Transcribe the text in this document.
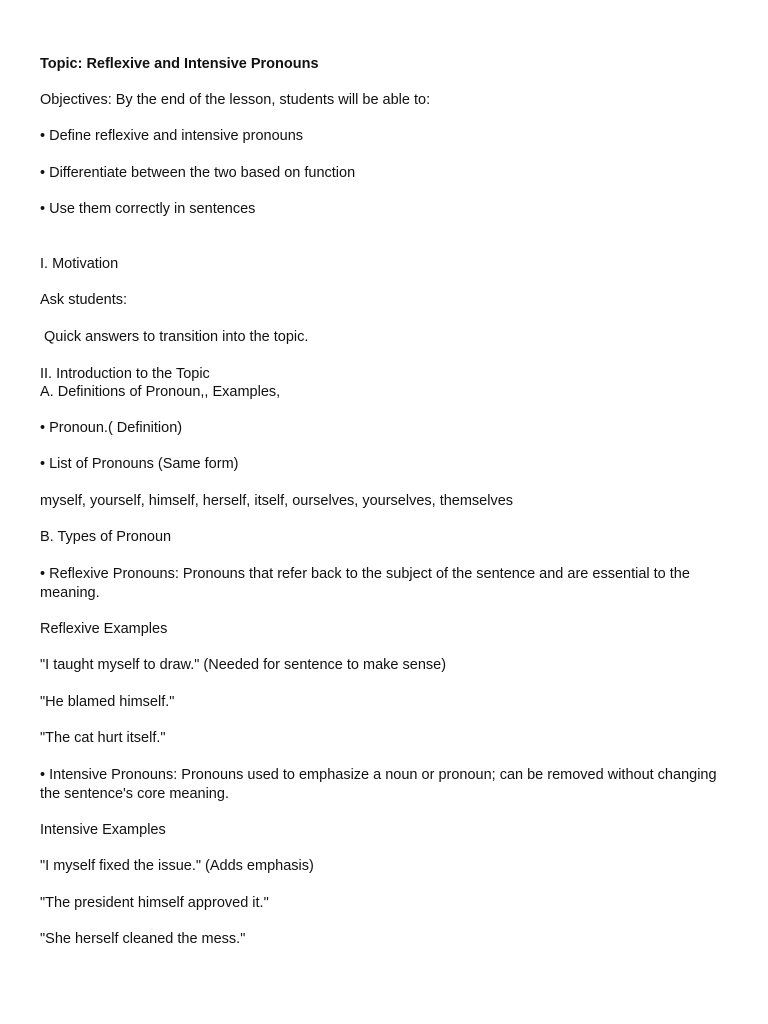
Topic: Reflexive and Intensive Pronouns
Objectives: By the end of the lesson, students will be able to:
• Define reflexive and intensive pronouns
• Differentiate between the two based on function
• Use them correctly in sentences
I. Motivation
Ask students:
Quick answers to transition into the topic.
II. Introduction to the Topic
A. Definitions of Pronoun,, Examples,
• Pronoun.( Definition)
• List of Pronouns (Same form)
myself, yourself, himself, herself, itself, ourselves, yourselves, themselves
B. Types of Pronoun
• Reflexive Pronouns: Pronouns that refer back to the subject of the sentence and are essential to the meaning.
Reflexive Examples
"I taught myself to draw." (Needed for sentence to make sense)
"He blamed himself."
"The cat hurt itself."
• Intensive Pronouns: Pronouns used to emphasize a noun or pronoun; can be removed without changing the sentence's core meaning.
Intensive Examples
"I myself fixed the issue." (Adds emphasis)
"The president himself approved it."
"She herself cleaned the mess."
